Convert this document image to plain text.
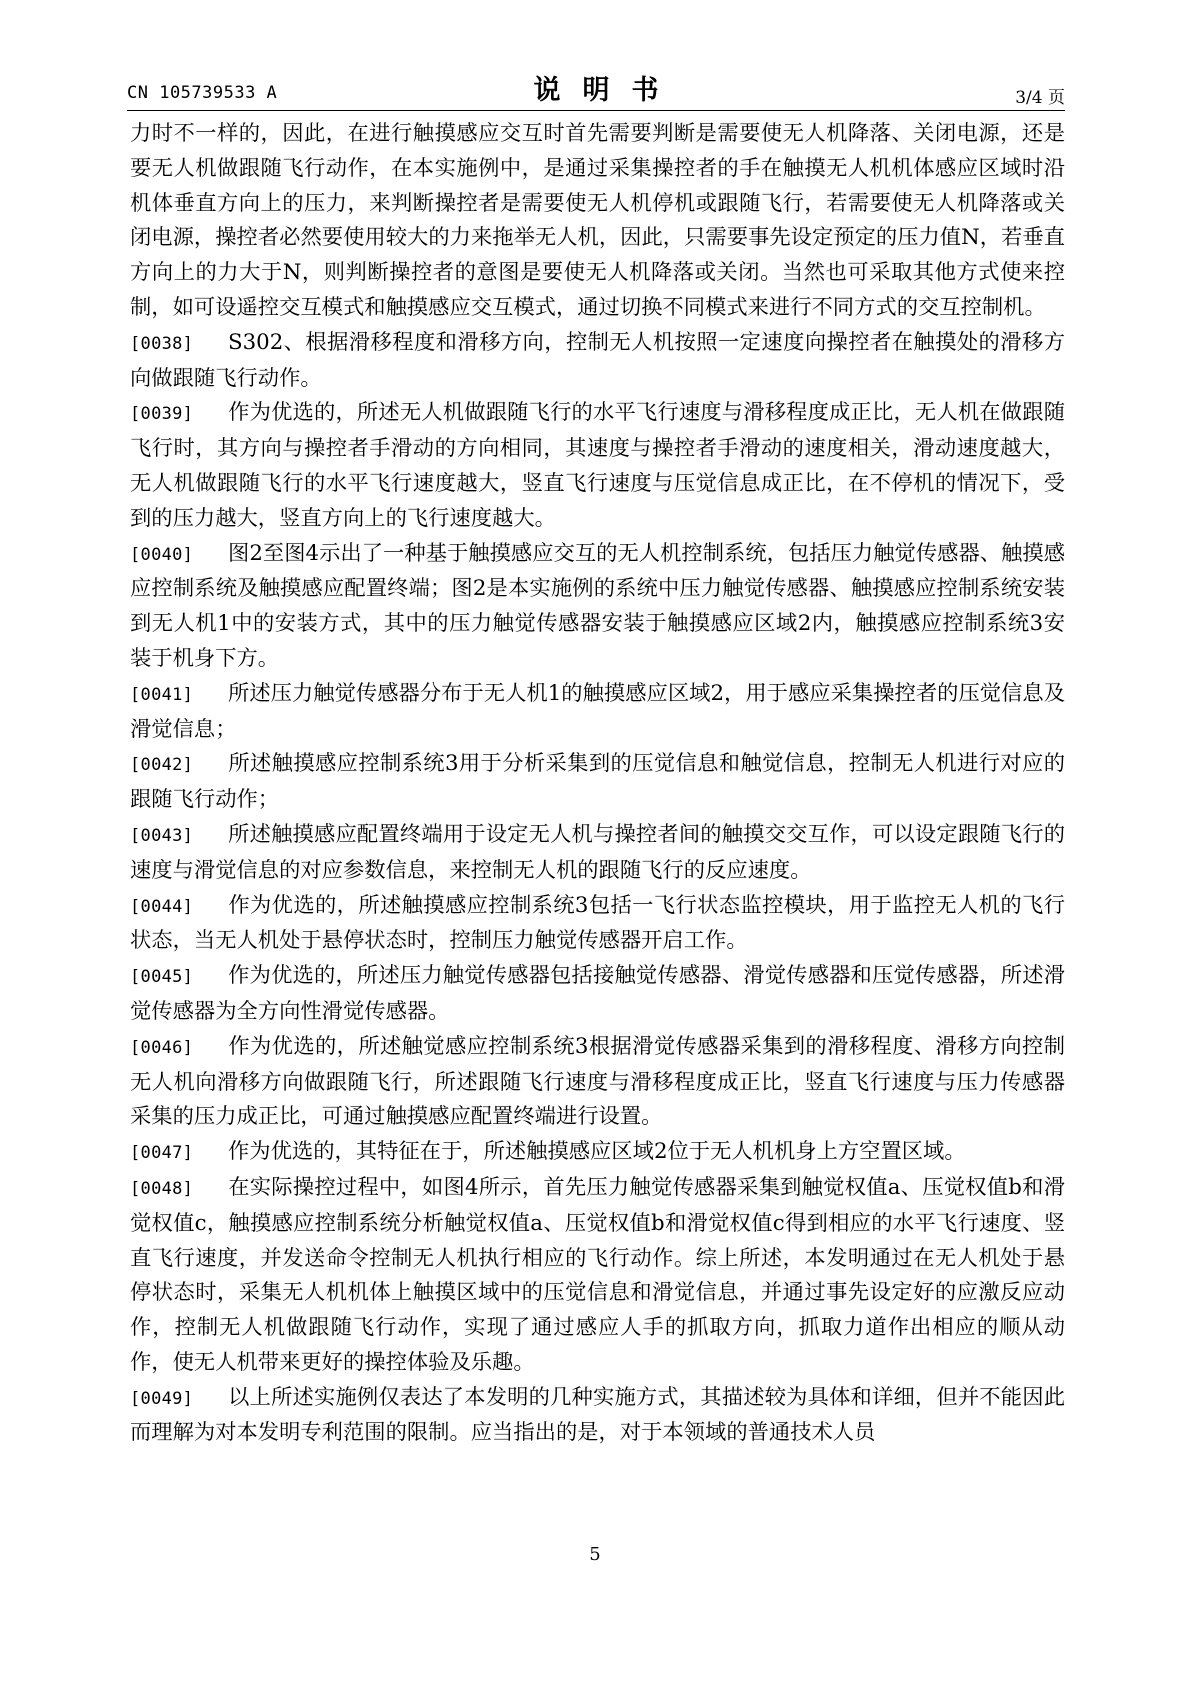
CN 105739533 A	说明书	3/4 页

力时不一样的，因此，在进行触摸感应交互时首先需要判断是需要使无人机降落、关闭电源，还是要无人机做跟随飞行动作，在本实施例中，是通过采集操控者的手在触摸无人机机体感应区域时沿机体垂直方向上的压力，来判断操控者是需要使无人机停机或跟随飞行，若需要使无人机降落或关闭电源，操控者必然要使用较大的力来拖举无人机，因此，只需要事先设定预定的压力值N，若垂直方向上的力大于N，则判断操控者的意图是要使无人机降落或关闭。当然也可采取其他方式使来控制，如可设遥控交互模式和触摸感应交互模式，通过切换不同模式来进行不同方式的交互控制机。

[0038] S302、根据滑移程度和滑移方向，控制无人机按照一定速度向操控者在触摸处的滑移方向做跟随飞行动作。

[0039] 作为优选的，所述无人机做跟随飞行的水平飞行速度与滑移程度成正比，无人机在做跟随飞行时，其方向与操控者手滑动的方向相同，其速度与操控者手滑动的速度相关，滑动速度越大，无人机做跟随飞行的水平飞行速度越大，竖直飞行速度与压觉信息成正比，在不停机的情况下，受到的压力越大，竖直方向上的飞行速度越大。

[0040] 图2至图4示出了一种基于触摸感应交互的无人机控制系统，包括压力触觉传感器、触摸感应控制系统及触摸感应配置终端；图2是本实施例的系统中压力触觉传感器、触摸感应控制系统安装到无人机1中的安装方式，其中的压力触觉传感器安装于触摸感应区域2内，触摸感应控制系统3安装于机身下方。

[0041] 所述压力触觉传感器分布于无人机1的触摸感应区域2，用于感应采集操控者的压觉信息及滑觉信息；

[0042] 所述触摸感应控制系统3用于分析采集到的压觉信息和触觉信息，控制无人机进行对应的跟随飞行动作；

[0043] 所述触摸感应配置终端用于设定无人机与操控者间的触摸交交互作，可以设定跟随飞行的速度与滑觉信息的对应参数信息，来控制无人机的跟随飞行的反应速度。

[0044] 作为优选的，所述触摸感应控制系统3包括一飞行状态监控模块，用于监控无人机的飞行状态，当无人机处于悬停状态时，控制压力触觉传感器开启工作。

[0045] 作为优选的，所述压力触觉传感器包括接触觉传感器、滑觉传感器和压觉传感器，所述滑觉传感器为全方向性滑觉传感器。

[0046] 作为优选的，所述触觉感应控制系统3根据滑觉传感器采集到的滑移程度、滑移方向控制无人机向滑移方向做跟随飞行，所述跟随飞行速度与滑移程度成正比，竖直飞行速度与压力传感器采集的压力成正比，可通过触摸感应配置终端进行设置。

[0047] 作为优选的，其特征在于，所述触摸感应区域2位于无人机机身上方空置区域。

[0048] 在实际操控过程中，如图4所示，首先压力触觉传感器采集到触觉权值a、压觉权值b和滑觉权值c，触摸感应控制系统分析触觉权值a、压觉权值b和滑觉权值c得到相应的水平飞行速度、竖直飞行速度，并发送命令控制无人机执行相应的飞行动作。综上所述，本发明通过在无人机处于悬停状态时，采集无人机机体上触摸区域中的压觉信息和滑觉信息，并通过事先设定好的应激反应动作，控制无人机做跟随飞行动作，实现了通过感应人手的抓取方向，抓取力道作出相应的顺从动作，使无人机带来更好的操控体验及乐趣。

[0049] 以上所述实施例仅表达了本发明的几种实施方式，其描述较为具体和详细，但并不能因此而理解为对本发明专利范围的限制。应当指出的是，对于本领域的普通技术人员

5
